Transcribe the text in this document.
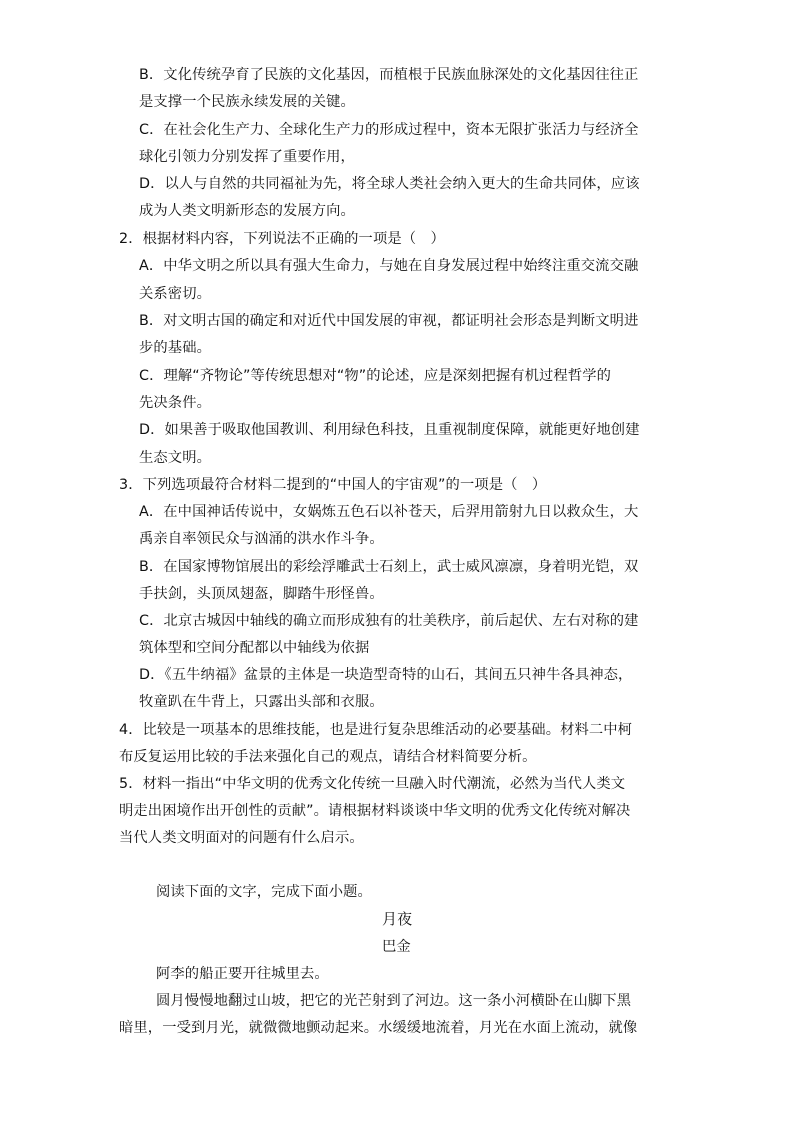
B．文化传统孕育了民族的文化基因，而植根于民族血脉深处的文化基因往往正
是支撑一个民族永续发展的关键。
C．在社会化生产力、全球化生产力的形成过程中，资本无限扩张活力与经济全
球化引领力分别发挥了重要作用，
D．以人与自然的共同福祉为先，将全球人类社会纳入更大的生命共同体，应该
成为人类文明新形态的发展方向。
2．根据材料内容，下列说法不正确的一项是（　）
A．中华文明之所以具有强大生命力，与她在自身发展过程中始终注重交流交融
关系密切。
B．对文明古国的确定和对近代中国发展的审视，都证明社会形态是判断文明进
步的基础。
C．理解“齐物论”等传统思想对“物”的论述，应是深刻把握有机过程哲学的
先决条件。
D．如果善于吸取他国教训、利用绿色科技，且重视制度保障，就能更好地创建
生态文明。
3．下列选项最符合材料二提到的“中国人的宇宙观”的一项是（　）
A．在中国神话传说中，女娲炼五色石以补苍天，后羿用箭射九日以救众生，大
禹亲自率领民众与汹涌的洪水作斗争。
B．在国家博物馆展出的彩绘浮雕武士石刻上，武士威风凛凛，身着明光铠，双
手扶剑，头顶凤翅盔，脚踏牛形怪兽。
C．北京古城因中轴线的确立而形成独有的壮美秩序，前后起伏、左右对称的建
筑体型和空间分配都以中轴线为依据
D．《五牛纳福》盆景的主体是一块造型奇特的山石，其间五只神牛各具神态，
牧童趴在牛背上，只露出头部和衣服。
4．比较是一项基本的思维技能，也是进行复杂思维活动的必要基础。材料二中柯
布反复运用比较的手法来强化自己的观点，请结合材料简要分析。
5．材料一指出“中华文明的优秀文化传统一旦融入时代潮流，必然为当代人类文
明走出困境作出开创性的贡献”。请根据材料谈谈中华文明的优秀文化传统对解决
当代人类文明面对的问题有什么启示。
阅读下面的文字，完成下面小题。
月夜
巴金
阿李的船正要开往城里去。
圆月慢慢地翻过山坡，把它的光芒射到了河边。这一条小河横卧在山脚下黑
暗里，一受到月光，就微微地颤动起来。水缓缓地流着，月光在水面上流动，就像
